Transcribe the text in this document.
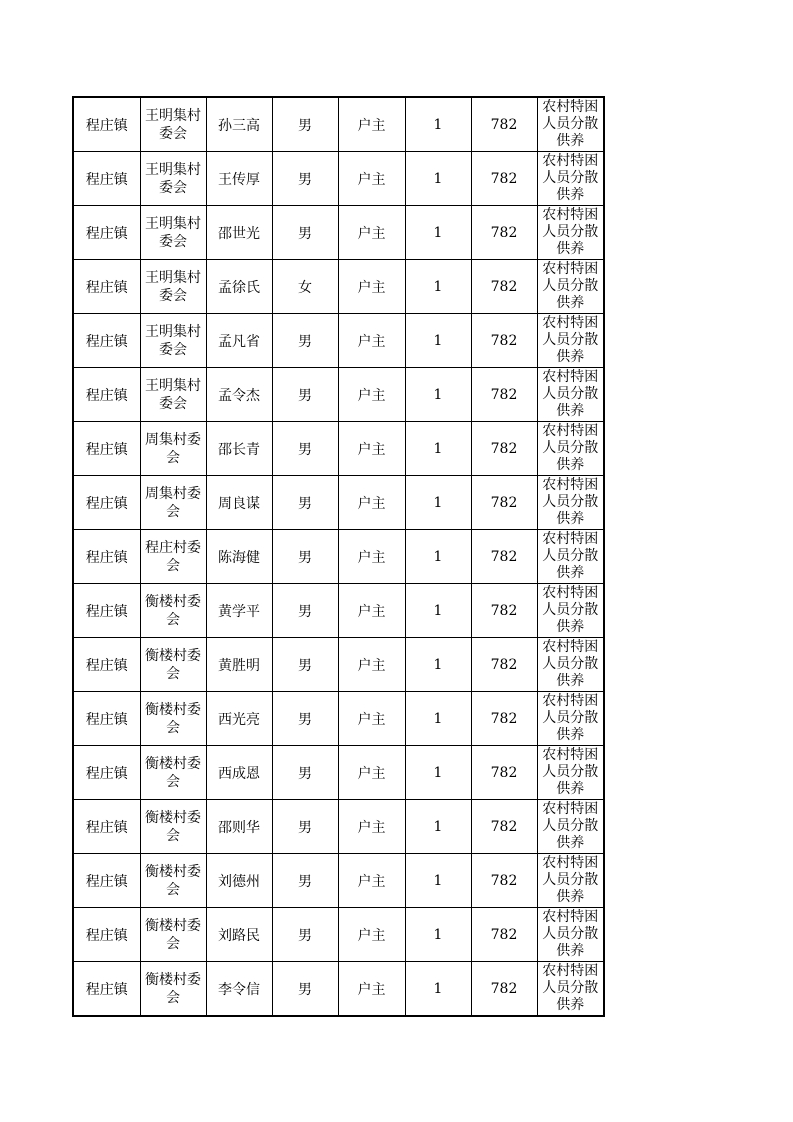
程庄镇	王明集村委会	孙三高	男	户主	1	782	农村特困人员分散供养
程庄镇	王明集村委会	王传厚	男	户主	1	782	农村特困人员分散供养
程庄镇	王明集村委会	邵世光	男	户主	1	782	农村特困人员分散供养
程庄镇	王明集村委会	孟徐氏	女	户主	1	782	农村特困人员分散供养
程庄镇	王明集村委会	孟凡省	男	户主	1	782	农村特困人员分散供养
程庄镇	王明集村委会	孟令杰	男	户主	1	782	农村特困人员分散供养
程庄镇	周集村委会	邵长青	男	户主	1	782	农村特困人员分散供养
程庄镇	周集村委会	周良谋	男	户主	1	782	农村特困人员分散供养
程庄镇	程庄村委会	陈海健	男	户主	1	782	农村特困人员分散供养
程庄镇	衡楼村委会	黄学平	男	户主	1	782	农村特困人员分散供养
程庄镇	衡楼村委会	黄胜明	男	户主	1	782	农村特困人员分散供养
程庄镇	衡楼村委会	西光亮	男	户主	1	782	农村特困人员分散供养
程庄镇	衡楼村委会	西成恩	男	户主	1	782	农村特困人员分散供养
程庄镇	衡楼村委会	邵则华	男	户主	1	782	农村特困人员分散供养
程庄镇	衡楼村委会	刘德州	男	户主	1	782	农村特困人员分散供养
程庄镇	衡楼村委会	刘路民	男	户主	1	782	农村特困人员分散供养
程庄镇	衡楼村委会	李令信	男	户主	1	782	农村特困人员分散供养
